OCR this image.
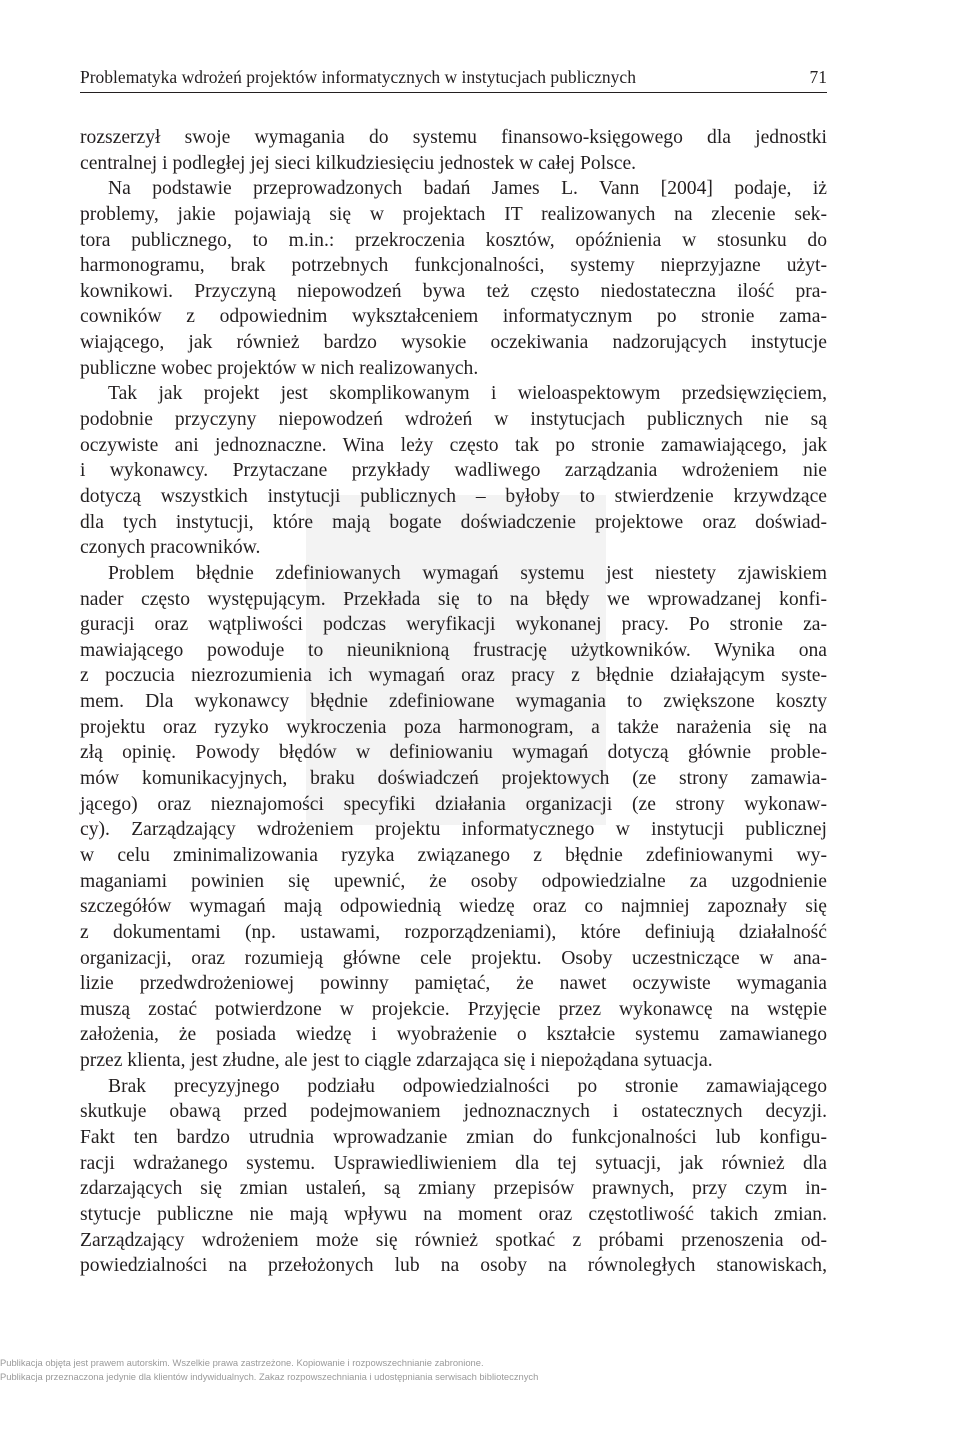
Problematyka wdrożeń projektów informatycznych w instytucjach publicznych	71
rozszerzył swoje wymagania do systemu finansowo-księgowego dla jednostki
centralnej i podległej jej sieci kilkudziesięciu jednostek w całej Polsce.
Na podstawie przeprowadzonych badań James L. Vann [2004] podaje, iż
problemy, jakie pojawiają się w projektach IT realizowanych na zlecenie sek-
tora publicznego, to m.in.: przekroczenia kosztów, opóźnienia w stosunku do
harmonogramu, brak potrzebnych funkcjonalności, systemy nieprzyjazne użyt-
kownikowi. Przyczyną niepowodzeń bywa też często niedostateczna ilość pra-
cowników z odpowiednim wykształceniem informatycznym po stronie zama-
wiającego, jak również bardzo wysokie oczekiwania nadzorujących instytucje
publiczne wobec projektów w nich realizowanych.
Tak jak projekt jest skomplikowanym i wieloaspektowym przedsięwzięciem,
podobnie przyczyny niepowodzeń wdrożeń w instytucjach publicznych nie są
oczywiste ani jednoznaczne. Wina leży często tak po stronie zamawiającego, jak
i wykonawcy. Przytaczane przykłady wadliwego zarządzania wdrożeniem nie
dotyczą wszystkich instytucji publicznych – byłoby to stwierdzenie krzywdzące
dla tych instytucji, które mają bogate doświadczenie projektowe oraz doświad-
czonych pracowników.
Problem błędnie zdefiniowanych wymagań systemu jest niestety zjawiskiem
nader często występującym. Przekłada się to na błędy we wprowadzanej konfi-
guracji oraz wątpliwości podczas weryfikacji wykonanej pracy. Po stronie za-
mawiającego powoduje to nieuniknioną frustrację użytkowników. Wynika ona
z poczucia niezrozumienia ich wymagań oraz pracy z błędnie działającym syste-
mem. Dla wykonawcy błędnie zdefiniowane wymagania to zwiększone koszty
projektu oraz ryzyko wykroczenia poza harmonogram, a także narażenia się na
złą opinię. Powody błędów w definiowaniu wymagań dotyczą głównie proble-
mów komunikacyjnych, braku doświadczeń projektowych (ze strony zamawia-
jącego) oraz nieznajomości specyfiki działania organizacji (ze strony wykonaw-
cy). Zarządzający wdrożeniem projektu informatycznego w instytucji publicznej
w celu zminimalizowania ryzyka związanego z błędnie zdefiniowanymi wy-
maganiami powinien się upewnić, że osoby odpowiedzialne za uzgodnienie
szczegółów wymagań mają odpowiednią wiedzę oraz co najmniej zapoznały się
z dokumentami (np. ustawami, rozporządzeniami), które definiują działalność
organizacji, oraz rozumieją główne cele projektu. Osoby uczestniczące w ana-
lizie przedwdrożeniowej powinny pamiętać, że nawet oczywiste wymagania
muszą zostać potwierdzone w projekcie. Przyjęcie przez wykonawcę na wstępie
założenia, że posiada wiedzę i wyobrażenie o kształcie systemu zamawianego
przez klienta, jest złudne, ale jest to ciągle zdarzająca się i niepożądana sytuacja.
Brak precyzyjnego podziału odpowiedzialności po stronie zamawiającego
skutkuje obawą przed podejmowaniem jednoznacznych i ostatecznych decyzji.
Fakt ten bardzo utrudnia wprowadzanie zmian do funkcjonalności lub konfigu-
racji wdrażanego systemu. Usprawiedliwieniem dla tej sytuacji, jak również dla
zdarzających się zmian ustaleń, są zmiany przepisów prawnych, przy czym in-
stytucje publiczne nie mają wpływu na moment oraz częstotliwość takich zmian.
Zarządzający wdrożeniem może się również spotkać z próbami przenoszenia od-
powiedzialności na przełożonych lub na osoby na równoległych stanowiskach,
Publikacja objęta jest prawem autorskim. Wszelkie prawa zastrzeżone. Kopiowanie i rozpowszechnianie zabronione.
Publikacja przeznaczona jedynie dla klientów indywidualnych. Zakaz rozpowszechniania i udostępniania serwisach bibliotecznych
